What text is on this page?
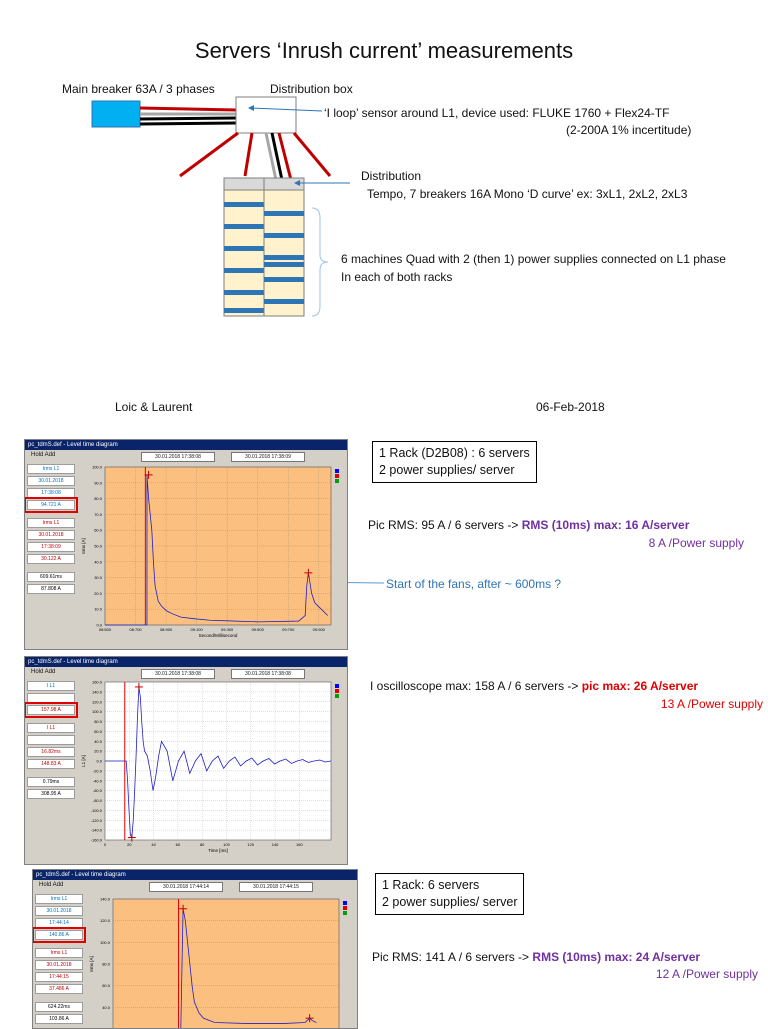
Servers ‘Inrush current’ measurements
Main breaker 63A / 3 phases	Distribution box
‘I loop’ sensor around L1, device used: FLUKE 1760 + Flex24-TF
(2-200A 1% incertitude)
Distribution
Tempo, 7 breakers 16A Mono ‘D curve’ ex: 3xL1, 2xL2, 2xL3
6 machines Quad with 2 (then 1) power supplies connected on L1 phase
In each of both racks
Loic & Laurent	06-Feb-2018
1 Rack (D2B08) : 6 servers
2 power supplies/ server
Pic RMS: 95 A / 6 servers -> RMS (10ms) max: 16 A/server
8 A /Power supply
Start of the fans, after ~ 600ms ?
I oscilloscope max: 158 A / 6 servers -> pic max: 26 A/server
13 A /Power supply
1 Rack: 6 servers
2 power supplies/ server
Pic RMS: 141 A / 6 servers -> RMS (10ms) max: 24 A/server
12 A /Power supply
pc_tdmS.def - Level time diagram
Hold Add	30.01.2018 17:38:08	30.01.2018 17:38:09
Irms L1
30.01.2018
17:38:08
94.721 A
Irms L1
30.01.2018
17:38:09
30.122 A
609.61ms
87.808 A
100.0
90.0
80.0
70.0
60.0
50.0
40.0
30.0
20.0
10.0
0.0
08:500	08:700	08:900	09:100	09:300	09:500	09:700	09:900
Second/Millisecond
Irms [A]
pc_tdmS.def - Level time diagram
Hold Add	30.01.2018 17:38:08	30.01.2018 17:38:08
I L1
157.98 A
I L1
16.82ms
148.83 A
0.79ms
308.95 A
160.0
140.0
120.0
100.0
80.0
60.0
40.0
20.0
0.0
-20.0
-40.0
-60.0
-80.0
-100.0
-120.0
-140.0
-160.0
0	20	40	60	80	100	120	140	160
Time [ms]
L1 [A]
pc_tdmS.def - Level time diagram
Hold Add	30.01.2018 17:44:14	30.01.2018 17:44:15
Irms L1
30.01.2018
17:44:14
140.86 A
Irms L1
30.01.2018
17:44:15
37.486 A
624.22ms
103.86 A
140.0
120.0
100.0
80.0
60.0
40.0
Irms [A]
